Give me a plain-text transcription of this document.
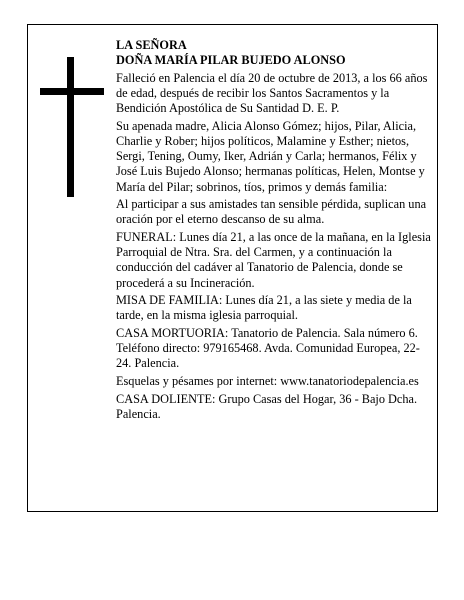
LA SEÑORA

DOÑA MARÍA PILAR BUJEDO ALONSO

Falleció en Palencia el día 20 de octubre de 2013, a los 66 años de edad, después de recibir los Santos Sacramentos y la Bendición Apostólica de Su Santidad D. E. P.

Su apenada madre, Alicia Alonso Gómez; hijos, Pilar, Alicia, Charlie y Rober; hijos políticos, Malamine y Esther; nietos, Sergi, Tening, Oumy, Iker, Adrián y Carla; hermanos, Félix y José Luis Bujedo Alonso; hermanas políticas, Helen, Montse y María del Pilar; sobrinos, tíos, primos y demás familia:

Al participar a sus amistades tan sensible pérdida, suplican una oración por el eterno descanso de su alma.

FUNERAL: Lunes día 21, a las once de la mañana, en la Iglesia Parroquial de Ntra. Sra. del Carmen, y a continuación la conducción del cadáver al Tanatorio de Palencia, donde se procederá a su Incineración.

MISA DE FAMILIA: Lunes día 21, a las siete y media de la tarde, en la misma iglesia parroquial.

CASA MORTUORIA: Tanatorio de Palencia. Sala número 6. Teléfono directo: 979165468. Avda. Comunidad Europea, 22-24. Palencia.

Esquelas y pésames por internet: www.tanatoriodepalencia.es

CASA DOLIENTE: Grupo Casas del Hogar, 36 - Bajo Dcha. Palencia.
